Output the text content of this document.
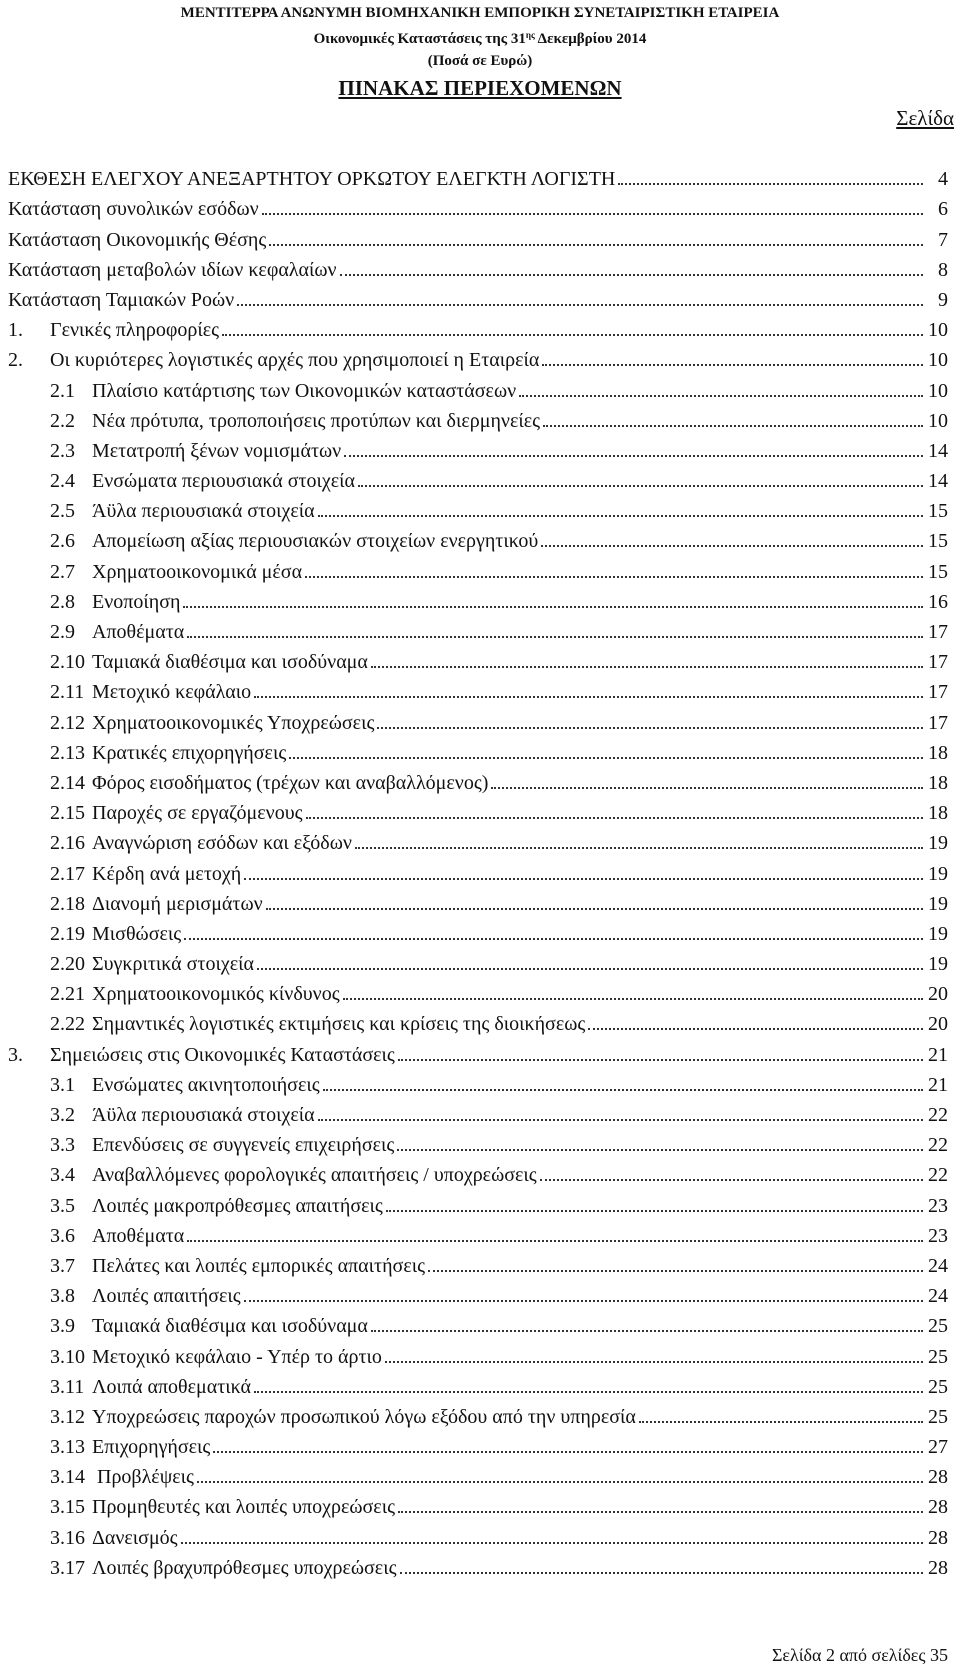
ΜΕΝΤΙΤΕΡΡΑ ΑΝΩΝΥΜΗ ΒΙΟΜΗΧΑΝΙΚΗ ΕΜΠΟΡΙΚΗ ΣΥΝΕΤΑΙΡΙΣΤΙΚΗ ΕΤΑΙΡΕΙΑ
Οικονομικές Καταστάσεις της $31^{\eta\varsigma}$ Δεκεμβρίου 2014
(Ποσά σε Ευρώ)
ΠΙΝΑΚΑΣ ΠΕΡΙΕΧΟΜΕΝΩΝ
Σελίδα
ΕΚΘΕΣΗ ΕΛΕΓΧΟΥ ΑΝΕΞΑΡΤΗΤΟΥ ΟΡΚΩΤΟΥ ΕΛΕΓΚΤΗ ΛΟΓΙΣΤΗ	4
Κατάσταση συνολικών εσόδων	6
Κατάσταση Οικονομικής Θέσης	7
Κατάσταση μεταβολών ιδίων κεφαλαίων	8
Κατάσταση Ταμιακών Ροών	9
1.	Γενικές πληροφορίες	10
2.	Οι κυριότερες λογιστικές αρχές που χρησιμοποιεί η Εταιρεία	10
2.1 Πλαίσιο κατάρτισης των Οικονομικών καταστάσεων	10
2.2 Νέα πρότυπα, τροποποιήσεις προτύπων και διερμηνείες	10
2.3 Μετατροπή ξένων νομισμάτων	14
2.4 Ενσώματα περιουσιακά στοιχεία	14
2.5 Άϋλα περιουσιακά στοιχεία	15
2.6 Απομείωση αξίας περιουσιακών στοιχείων ενεργητικού	15
2.7 Χρηματοοικονομικά μέσα	15
2.8 Ενοποίηση	16
2.9 Αποθέματα	17
2.10 Ταμιακά διαθέσιμα και ισοδύναμα	17
2.11 Μετοχικό κεφάλαιο	17
2.12 Χρηματοοικονομικές Υποχρεώσεις	17
2.13 Κρατικές επιχορηγήσεις	18
2.14 Φόρος εισοδήματος (τρέχων και αναβαλλόμενος)	18
2.15 Παροχές σε εργαζόμενους	18
2.16 Αναγνώριση εσόδων και εξόδων	19
2.17 Κέρδη ανά μετοχή	19
2.18 Διανομή μερισμάτων	19
2.19 Μισθώσεις	19
2.20 Συγκριτικά στοιχεία	19
2.21 Χρηματοοικονομικός κίνδυνος	20
2.22 Σημαντικές λογιστικές εκτιμήσεις και κρίσεις της διοικήσεως	20
3.	Σημειώσεις στις Οικονομικές Καταστάσεις	21
3.1 Ενσώματες ακινητοποιήσεις	21
3.2 Άϋλα περιουσιακά στοιχεία	22
3.3 Επενδύσεις σε συγγενείς επιχειρήσεις	22
3.4 Αναβαλλόμενες φορολογικές απαιτήσεις / υποχρεώσεις	22
3.5 Λοιπές μακροπρόθεσμες απαιτήσεις	23
3.6 Αποθέματα	23
3.7 Πελάτες και λοιπές εμπορικές απαιτήσεις	24
3.8 Λοιπές απαιτήσεις	24
3.9 Ταμιακά διαθέσιμα και ισοδύναμα	25
3.10 Μετοχικό κεφάλαιο - Υπέρ το άρτιο	25
3.11 Λοιπά αποθεματικά	25
3.12 Υποχρεώσεις παροχών προσωπικού λόγω εξόδου από την υπηρεσία	25
3.13 Επιχορηγήσεις	27
3.14 Προβλέψεις	28
3.15 Προμηθευτές και λοιπές υποχρεώσεις	28
3.16 Δανεισμός	28
3.17 Λοιπές βραχυπρόθεσμες υποχρεώσεις	28
Σελίδα 2 από σελίδες 35
